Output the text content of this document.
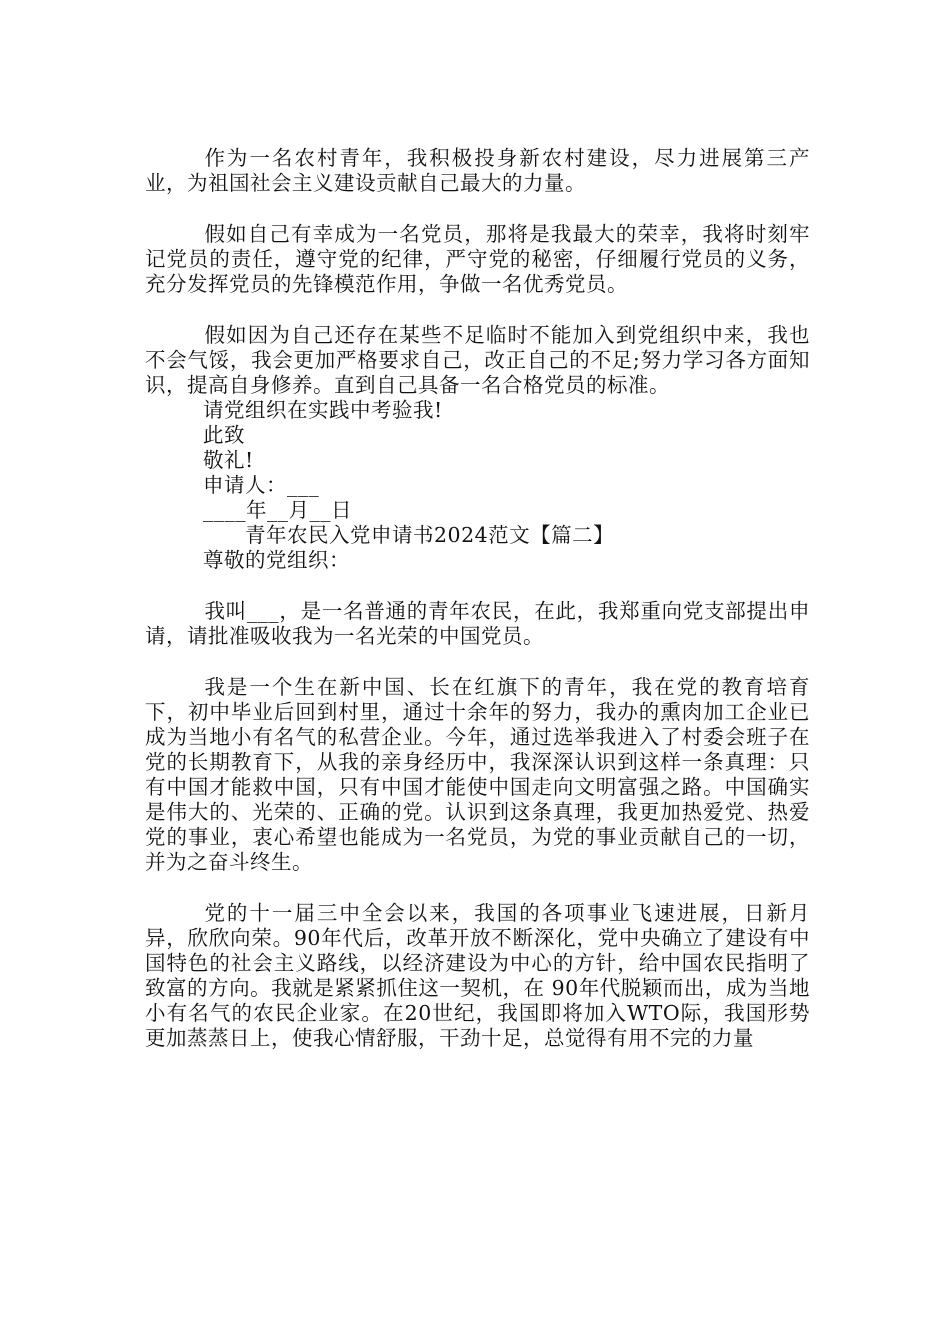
作为一名农村青年，我积极投身新农村建设，尽力进展第三产业，为祖国社会主义建设贡献自己最大的力量。

假如自己有幸成为一名党员，那将是我最大的荣幸，我将时刻牢记党员的责任，遵守党的纪律，严守党的秘密，仔细履行党员的义务，充分发挥党员的先锋模范作用，争做一名优秀党员。

假如因为自己还存在某些不足临时不能加入到党组织中来，我也不会气馁，我会更加严格要求自己，改正自己的不足;努力学习各方面知识，提高自身修养。直到自己具备一名合格党员的标准。

请党组织在实践中考验我!

此致

敬礼!

申请人：___

____年__月__日

青年农民入党申请书2024范文【篇二】

尊敬的党组织：

我叫___，是一名普通的青年农民，在此，我郑重向党支部提出申请，请批准吸收我为一名光荣的中国党员。

我是一个生在新中国、长在红旗下的青年，我在党的教育培育下，初中毕业后回到村里，通过十余年的努力，我办的熏肉加工企业已成为当地小有名气的私营企业。今年，通过选举我进入了村委会班子在党的长期教育下，从我的亲身经历中，我深深认识到这样一条真理：只有中国才能救中国，只有中国才能使中国走向文明富强之路。中国确实是伟大的、光荣的、正确的党。认识到这条真理，我更加热爱党、热爱党的事业，衷心希望也能成为一名党员，为党的事业贡献自己的一切，并为之奋斗终生。

党的十一届三中全会以来，我国的各项事业飞速进展，日新月异，欣欣向荣。90年代后，改革开放不断深化，党中央确立了建设有中国特色的社会主义路线，以经济建设为中心的方针，给中国农民指明了致富的方向。我就是紧紧抓住这一契机，在 90年代脱颖而出，成为当地小有名气的农民企业家。在20世纪，我国即将加入WTO际，我国形势更加蒸蒸日上，使我心情舒服，干劲十足，总觉得有用不完的力量
